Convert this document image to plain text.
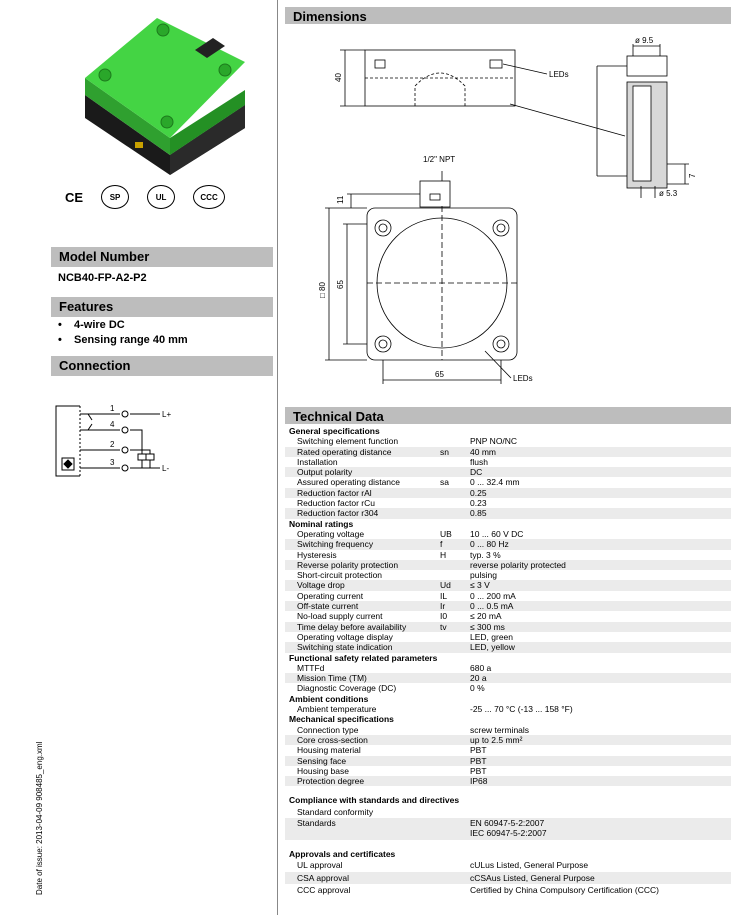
CE	SP	UL	CCC
Model Number
NCB40-FP-A2-P2
Features
• 4-wire DC
• Sensing range 40 mm
Connection
1
4
2
3
L+
L-
Date of issue: 2013-04-09 908485_eng.xml
Dimensions
LEDs
ø 9.5
40
1/2" NPT
11
□ 80 65
65	LEDs
7
ø 5.3
Technical Data
General specifications
Switching element function	PNP NO/NC
Rated operating distance	sn 40 mm
Installation	flush
Output polarity	DC
Assured operating distance	sa 0 ... 32.4 mm
Reduction factor rAl	0.25
Reduction factor rCu	0.23
Reduction factor r304	0.85
Nominal ratings
Operating voltage	UB 10 ... 60 V DC
Switching frequency	f	0 ... 80 Hz
Hysteresis	H	typ. 3 %
Reverse polarity protection	reverse polarity protected
Short-circuit protection	pulsing
Voltage drop	Ud ≤ 3 V
Operating current	IL	0 ... 200 mA
Off-state current	Ir	0 ... 0.5 mA
No-load supply current	I0	≤ 20 mA
Time delay before availability	tv	≤ 300 ms
Operating voltage display	LED, green
Switching state indication	LED, yellow
Functional safety related parameters
MTTFd	680 a
Mission Time (TM)	20 a
Diagnostic Coverage (DC)	0 %
Ambient conditions
Ambient temperature	-25 ... 70 °C (-13 ... 158 °F)
Mechanical specifications
Connection type	screw terminals
Core cross-section	up to 2.5 mm²
Housing material	PBT
Sensing face	PBT
Housing base	PBT
Protection degree	IP68
Compliance with standards and directives
Standard conformity
Standards	EN 60947-5-2:2007
IEC 60947-5-2:2007
Approvals and certificates
UL approval	cULus Listed, General Purpose
CSA approval	cCSAus Listed, General Purpose
CCC approval	Certified by China Compulsory Certification (CCC)
